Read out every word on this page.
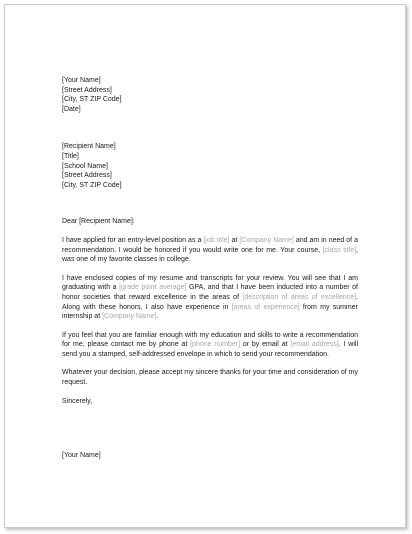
[Your Name]
[Street Address]
[City, ST ZIP Code]
[Date]
[Recipient Name]
[Title]
[School Name]
[Street Address]
[City, ST ZIP Code]

Dear [Recipient Name]:

I have applied for an entry-level position as a [job title] at [Company Name] and am in need of a recommendation. I would be honored if you would write one for me. Your course, [class title], was one of my favorite classes in college.

I have enclosed copies of my resume and transcripts for your review. You will see that I am graduating with a [grade point average] GPA, and that I have been inducted into a number of honor societies that reward excellence in the areas of [description of areas of excellence]. Along with these honors, I also have experience in [areas of experience] from my summer internship at [Company Name].

If you feel that you are familiar enough with my education and skills to write a recommendation for me, please contact me by phone at [phone number] or by email at [email address]. I will send you a stamped, self-addressed envelope in which to send your recommendation.

Whatever your decision, please accept my sincere thanks for your time and consideration of my request.

Sincerely,

[Your Name]
